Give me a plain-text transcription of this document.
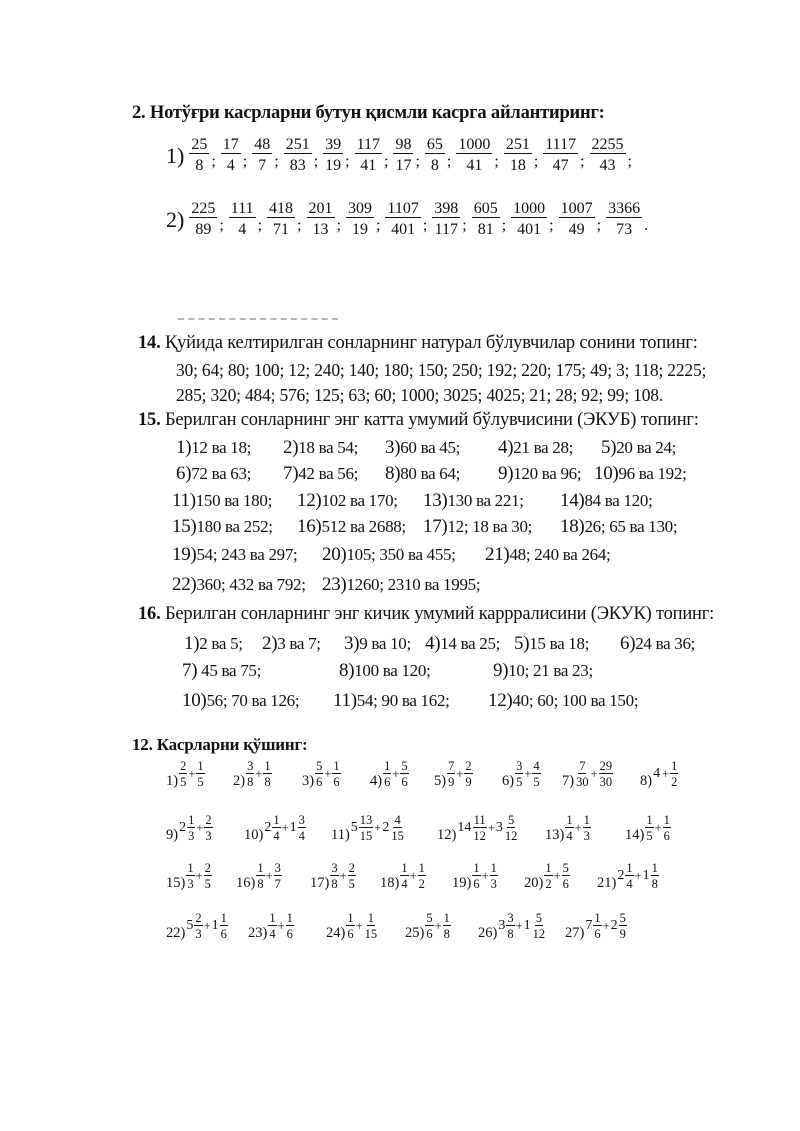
2. Нотўғри касрларни бутун қисмли касрга айлантиринг:
$1) \frac{25}{8}$ ; $\frac{17}{4}$ ; $\frac{48}{7}$ ; $\frac{251}{83}$ ; $\frac{39}{19}$ ; $\frac{117}{41}$ ; $\frac{98}{17}$ ; $\frac{65}{8}$ ; $\frac{1000}{41}$ ; $\frac{251}{18}$ ; $\frac{1117}{47}$ ; $\frac{2255}{43}$ ;
$2) \frac{225}{89}$ ; $\frac{111}{4}$ ; $\frac{418}{71}$ ; $\frac{201}{13}$ ; $\frac{309}{19}$ ; $\frac{1107}{401}$ ; $\frac{398}{117}$ ; $\frac{605}{81}$ ; $\frac{1000}{401}$ ; $\frac{1007}{49}$ ; $\frac{3366}{73}$ .
14. Қуйида келтирилган сонларнинг натурал бўлувчилар сонини топинг:
30; 64; 80; 100; 12; 240; 140; 180; 150; 250; 192; 220; 175; 49; 3; 118; 2225;
285; 320; 484; 576; 125; 63; 60; 1000; 3025; 4025; 21; 28; 92; 99; 108.
15. Берилган сонларнинг энг катта умумий бўлувчисини (ЭКУБ) топинг:
1)12 ва 18; 2)18 ва 54; 3)60 ва 45; 4)21 ва 28; 5)20 ва 24;
6)72 ва 63; 7)42 ва 56; 8)80 ва 64; 9)120 ва 96; 10)96 ва 192;
11)150 ва 180; 12)102 ва 170; 13)130 ва 221; 14)84 ва 120;
15)180 ва 252; 16)512 ва 2688; 17)12; 18 ва 30; 18)26; 65 ва 130;
19)54; 243 ва 297; 20)105; 350 ва 455; 21)48; 240 ва 264;
22)360; 432 ва 792; 23)1260; 2310 ва 1995;
16. Берилган сонларнинг энг кичик умумий каррралисини (ЭКУК) топинг:
1)2 ва 5; 2)3 ва 7; 3)9 ва 10; 4)14 ва 25; 5)15 ва 18; 6)24 ва 36;
7) 45 ва 75;	8)100 ва 120;	9)10; 21 ва 23;
10)56; 70 ва 126; 11)54; 90 ва 162; 12)40; 60; 100 ва 150;
12. Касрларни қўшинг:
$1) \frac{2}{5} + \frac{1}{5} 2) \frac{3}{8} + \frac{1}{8} 3) \frac{5}{6} + \frac{1}{6} 4) \frac{1}{6} + \frac{5}{6} 5) \frac{7}{9} + \frac{2}{9} 6) \frac{3}{5} + \frac{4}{5} 7) \frac{7}{30} + \frac{29}{30} 8$) $4 + \frac{1}{2}$
9) $2 \frac{1}{3} + \frac{2}{3} 10$) $2 \frac{1}{4} + 1 \frac{3}{4} 11$) $5 \frac{13}{15} + 2 \frac{4}{15} 12$) $14 \frac{11}{12} + 3 \frac{5}{12} 13) \frac{1}{4} + \frac{1}{3} 14) \frac{1}{5} + \frac{1}{6}$
$15) \frac{1}{3} + \frac{2}{5} 16) \frac{1}{8} + \frac{3}{7} 17) \frac{3}{8} + \frac{2}{5} 18) \frac{1}{4} + \frac{1}{2} 19) \frac{1}{6} + \frac{1}{3} 20) \frac{1}{2} + \frac{5}{6} 21$) $2 \frac{1}{4} + 1 \frac{1}{8}$
22) $5 \frac{2}{3} + 1 \frac{1}{6} 23) \frac{1}{4} + \frac{1}{6} 24) \frac{1}{6} + \frac{1}{15} 25) \frac{5}{6} + \frac{1}{8} 26$) $3 \frac{3}{8} + 1 \frac{5}{12} 27$) $7 \frac{1}{6} + 2 \frac{5}{9}$
